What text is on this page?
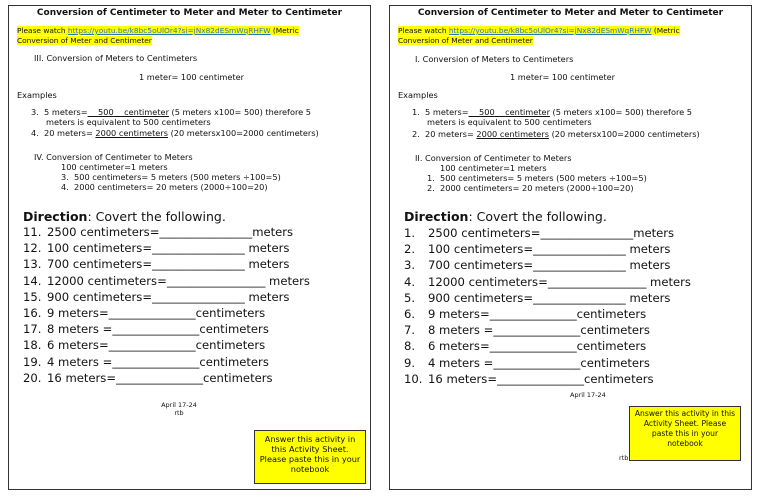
Conversion of Centimeter to Meter and Meter to Centimeter
Please watch https://youtu.be/k8bc5oUlOr4?si=jNx82dESmWqRHFW (Metric Conversion of Meter and Centimeter
III. Conversion of Meters to Centimeters
1 meter= 100 centimeter
Examples
3. 5 meters= 500 centimeter (5 meters x100= 500) therefore 5
meters is equivalent to 500 centimeters
4. 20 meters= 2000 centimeters (20 metersx100=2000 centimeters)
IV. Conversion of Centimeter to Meters
100 centimeter=1 meters
3. 500 centimeters= 5 meters (500 meters ÷100=5)
4. 2000 centimeters= 20 meters (2000÷100=20)
Direction: Covert the following.
11. 2500 centimeters=________________meters
12. 100 centimeters=________________ meters
13. 700 centimeters=________________ meters
14. 12000 centimeters=_________________ meters
15. 900 centimeters=________________ meters
16. 9 meters=_______________centimeters
17. 8 meters =_______________centimeters
18. 6 meters=_______________centimeters
19. 4 meters =_______________centimeters
20. 16 meters=_______________centimeters
April 17-24
rtb
Answer this activity in this Activity Sheet. Please paste this in your notebook
Conversion of Centimeter to Meter and Meter to Centimeter
Please watch https://youtu.be/k8bc5oUlOr4?si=jNx82dESmWqRHFW (Metric Conversion of Meter and Centimeter
I. Conversion of Meters to Centimeters
1 meter= 100 centimeter
Examples
1. 5 meters= 500 centimeter (5 meters x100= 500) therefore 5
meters is equivalent to 500 centimeters
2. 20 meters= 2000 centimeters (20 metersx100=2000 centimeters)
II. Conversion of Centimeter to Meters
100 centimeter=1 meters
1. 500 centimeters= 5 meters (500 meters ÷100=5)
2. 2000 centimeters= 20 meters (2000÷100=20)
Direction: Covert the following.
1. 2500 centimeters=________________meters
2. 100 centimeters=________________ meters
3. 700 centimeters=________________ meters
4. 12000 centimeters=_________________ meters
5. 900 centimeters=________________ meters
6. 9 meters=_______________centimeters
7. 8 meters =_______________centimeters
8. 6 meters=_______________centimeters
9. 4 meters =_______________centimeters
10. 16 meters=_______________centimeters
April 17-24
rtb
Answer this activity in this Activity Sheet. Please paste this in your notebook
